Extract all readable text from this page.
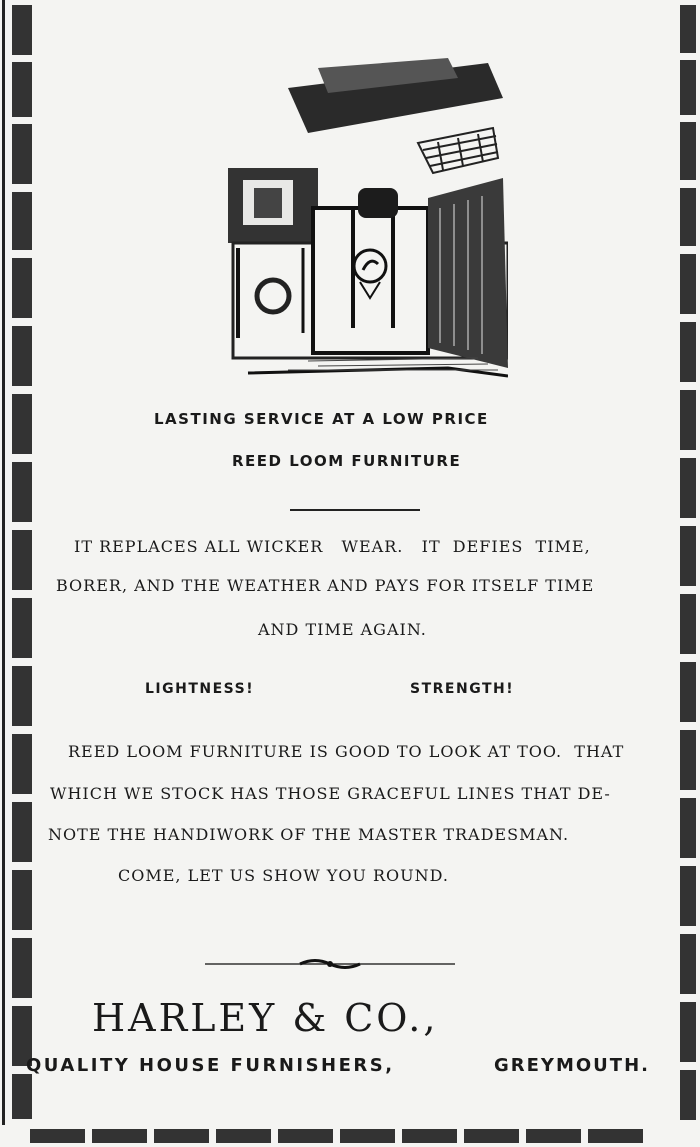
LASTING SERVICE AT A LOW PRICE
REED LOOM FURNITURE
IT REPLACES ALL WICKER   WEAR.   IT  DEFIES  TIME,
BORER, AND THE WEATHER AND PAYS FOR ITSELF TIME
AND TIME AGAIN.
LIGHTNESS!	STRENGTH!
REED LOOM FURNITURE IS GOOD TO LOOK AT TOO.  THAT
WHICH WE STOCK HAS THOSE GRACEFUL LINES THAT DE-
NOTE THE HANDIWORK OF THE MASTER TRADESMAN.
COME, LET US SHOW YOU ROUND.
HARLEY & CO.,
QUALITY HOUSE FURNISHERS,	GREYMOUTH.
